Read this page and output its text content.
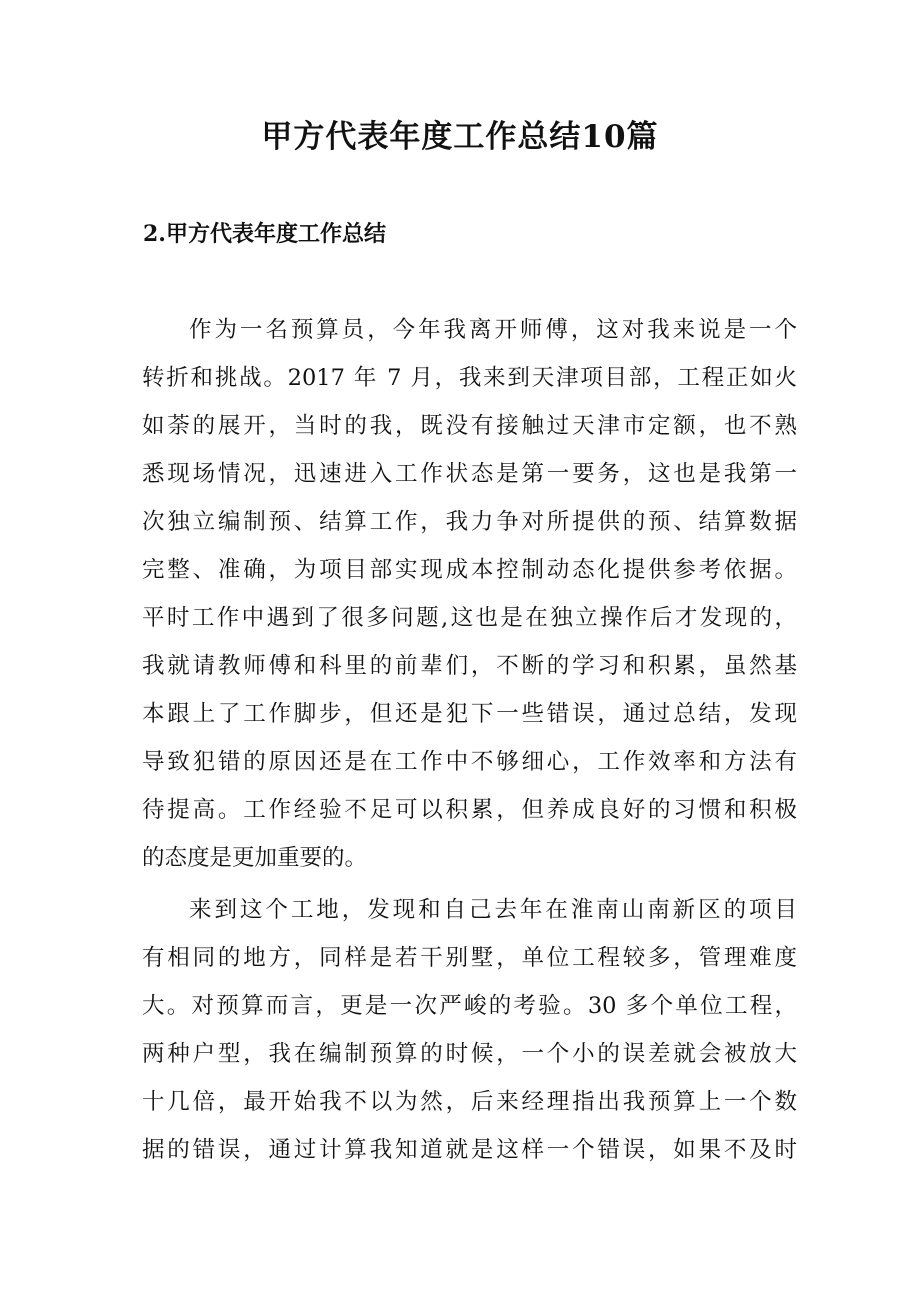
甲方代表年度工作总结10篇
2.甲方代表年度工作总结
作为一名预算员，今年我离开师傅，这对我来说是一个
转折和挑战。2017 年 7 月，我来到天津项目部，工程正如火
如荼的展开，当时的我，既没有接触过天津市定额，也不熟
悉现场情况，迅速进入工作状态是第一要务，这也是我第一
次独立编制预、结算工作，我力争对所提供的预、结算数据
完整、准确，为项目部实现成本控制动态化提供参考依据。
平时工作中遇到了很多问题,这也是在独立操作后才发现的，
我就请教师傅和科里的前辈们，不断的学习和积累，虽然基
本跟上了工作脚步，但还是犯下一些错误，通过总结，发现
导致犯错的原因还是在工作中不够细心，工作效率和方法有
待提高。工作经验不足可以积累，但养成良好的习惯和积极
的态度是更加重要的。
来到这个工地，发现和自己去年在淮南山南新区的项目
有相同的地方，同样是若干别墅，单位工程较多，管理难度
大。对预算而言，更是一次严峻的考验。30 多个单位工程，
两种户型，我在编制预算的时候，一个小的误差就会被放大
十几倍，最开始我不以为然，后来经理指出我预算上一个数
据的错误，通过计算我知道就是这样一个错误，如果不及时
